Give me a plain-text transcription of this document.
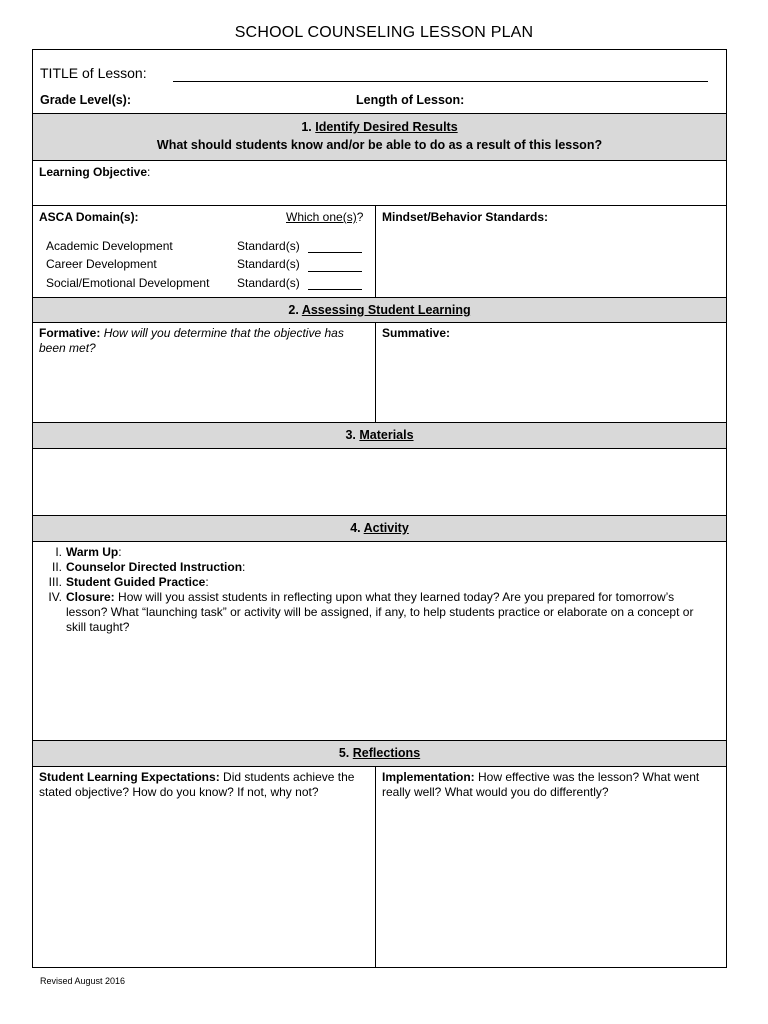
SCHOOL COUNSELING LESSON PLAN
TITLE of Lesson:
Grade Level(s):	Length of Lesson:
1. Identify Desired Results
What should students know and/or be able to do as a result of this lesson?
Learning Objective:
ASCA Domain(s):	Which one(s)?
Academic Development	Standard(s)
Career Development	Standard(s)
Social/Emotional Development Standard(s)
Mindset/Behavior Standards:
2. Assessing Student Learning
Formative: How will you determine that the objective has been met?
Summative:
3. Materials
4. Activity
I. Warm Up:
II. Counselor Directed Instruction:
III. Student Guided Practice:
IV. Closure: How will you assist students in reflecting upon what they learned today? Are you prepared for tomorrow’s lesson? What “launching task” or activity will be assigned, if any, to help students practice or elaborate on a concept or skill taught?
5. Reflections
Student Learning Expectations: Did students achieve the stated objective? How do you know? If not, why not?
Implementation: How effective was the lesson? What went really well? What would you do differently?
Revised August 2016
